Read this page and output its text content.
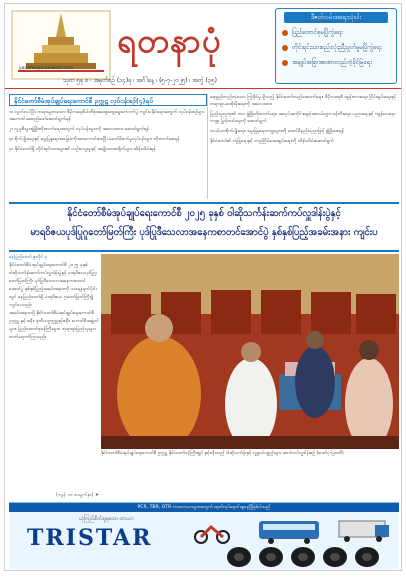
yadanarponnewsm.com
ရတနာပုံ
သုတ ၅ခု ၈ ၊ အမှတ်စဉ် (၁၄)ခု ၊ အင်္ဂါနေ့ ၊ (၅-၇-၂၀၂၅) ၊ အတွဲ (၃၅)
ဒီဇတ်လမ်းအရေးသုံးပါး
ပြည်ထောင်စုမပြိုကွဲရေး
တိုင်းရင်းသားစည်းလုံးညီညွတ်မှုမပြိုကွဲရေး
အချုပ်အခြာအာဏာတည်တံ့ခိုင်မြဲရေး
နိုင်ငံတော်စီမံအုပ်ချုပ်ရေးကောင်စီ ဥက္ကဋ္ဌ လုပ်ငန်းစဉ်(၄)ရပ်

၁။ လွတ်လပ်ပြီး တရားမျှတသော ဒီမိုကရေစီပါတီစုံအထွေထွေရွေးကောက်ပွဲ ကျင်းပနိုင်ရေးအတွက် လုပ်ငန်းစဉ်များ အကောင်အထည်ဖော်ဆောင်ရွက်ရန်

၂။ လူမှုစီးပွားဖွံ့ဖြိုးတိုးတက်ရေးအတွက် လုပ်ငန်းများကို အလေးထား ဆောင်ရွက်ရန်

၃။ စိုက်ပျိုးရေးနှင့် မွေးမြူရေးအခြေခံကိုအားကောင်းစေပြီး ခေတ်မီစက်မှုလုပ်ငန်းများ တိုးတက်စေရန်

၄။ နိုင်ငံတော်ရှိ တိုင်းရင်းသားများ၏ ယဉ်ကျေးမှုနှင့် အမျိုးသားစရိုက်များ ထိန်းသိမ်းရန်

ရေရှည်တည်တံ့သော ကြံ့ခိုင်မှု ရှိသည့် နိုင်ငံတော်တည်ဆောက်ရေး၊ ဒီမိုကရေစီ ထွန်းကားရေး၊ ငြိမ်းချမ်းရေးနှင့် တရားဥပဒေစိုးမိုးရေးကို အလေးထား

ပြည်သူလူထု၏ ဘဝ ဖွံ့ဖြိုးတိုးတက်ရေး၊ အလုပ်အကိုင်အခွင့်အလမ်းများ ဖန်တီးရေး၊ ပညာရေးနှင့် ကျန်းမာရေးကဏ္ဍ မြှင့်တင်ရေးကို ဆောင်ရွက်

လယ်ယာစိုက်ပျိုးရေး၊ မွေးမြူရေးကဏ္ဍများကို ခေတ်မီနည်းပညာဖြင့် ဖွံ့ဖြိုးစေရန်

နိုင်ငံတော်၏ လုံခြုံရေးနှင့် တည်ငြိမ်အေးချမ်းရေးကို ထိန်းသိမ်းဆောင်ရွက်

နိုင်ငံတော်စီမံအုပ်ချုပ်ရေးကောင်စီ ၂၀၂၅ ခုနှစ် ဝါဆိုသင်္ကန်းဆက်ကပ်လှူဒါန်းပွဲနှင့်
မာရဝိဇယပုဒ်ပြုဂူတော်မြတ်ကြီး ပုဒ်ပြုဒီသေလာအနေကစာတင်အောင်ပွဲ နှစ်နှစ်ပြည့်အခမ်းအနား ကျင်းပ
နေပြည်တော် ဇူလိုင် ၄
နိုင်ငံတော်စီမံအုပ်ချုပ်ရေးကောင်စီ ၂၀၂၅ ခုနှစ် ဝါဆိုသင်္ကန်းဆက်ကပ်လှူဒါန်းပွဲနှင့် မာရဝိဇယပုဒ်ပြုဂူတော်မြတ်ကြီး ပုဒ်ပြုဒီသေလာအနေကစာတင်အောင်ပွဲ နှစ်နှစ်ပြည့်အခမ်းအနားကို ယနေ့နံနက်ပိုင်းတွင် နေပြည်တော်ရှိ မာရဝိဇယ ဂူတော်မြတ်ကြီး၌ ကျင်းပသည်။
အခမ်းအနားသို့ နိုင်ငံတော်စီမံအုပ်ချုပ်ရေးကောင်စီ ဥက္ကဋ္ဌ နှင့် ဇနီး၊ ဒုတိယဥက္ကဋ္ဌနှင့်ဇနီး၊ ကောင်စီအဖွဲ့ဝင်များ၊ ပြည်ထောင်စုဝန်ကြီးများ၊ ဘုရားဖူးပြည်သူများ တက်ရောက်ကြသည်။
(ကျန် ၁၈ စာမျက်နှာ) ➤
နိုင်ငံတော်စီမံအုပ်ချုပ်ရေးကောင်စီ ဥက္ကဋ္ဌ နိုင်ငံတော်ဝန်ကြီးချုပ် နှင့်ဇနီးသည် ဝါဆိုသင်္ကန်းနှင့် လှူဖွယ်ပစ္စည်းများ ဆက်ကပ်လှူဒါန်းစဉ် (ဓာတ်ပုံ-မြဝတီ)
PCR, TBR, OTR ကားတာယာများအတွက် ထုတ်လုပ်ရောင်းချနေပြီဖြစ်ပါသည်
ယုံကြည်စိတ်ချရသော တာယာ
TRISTAR
